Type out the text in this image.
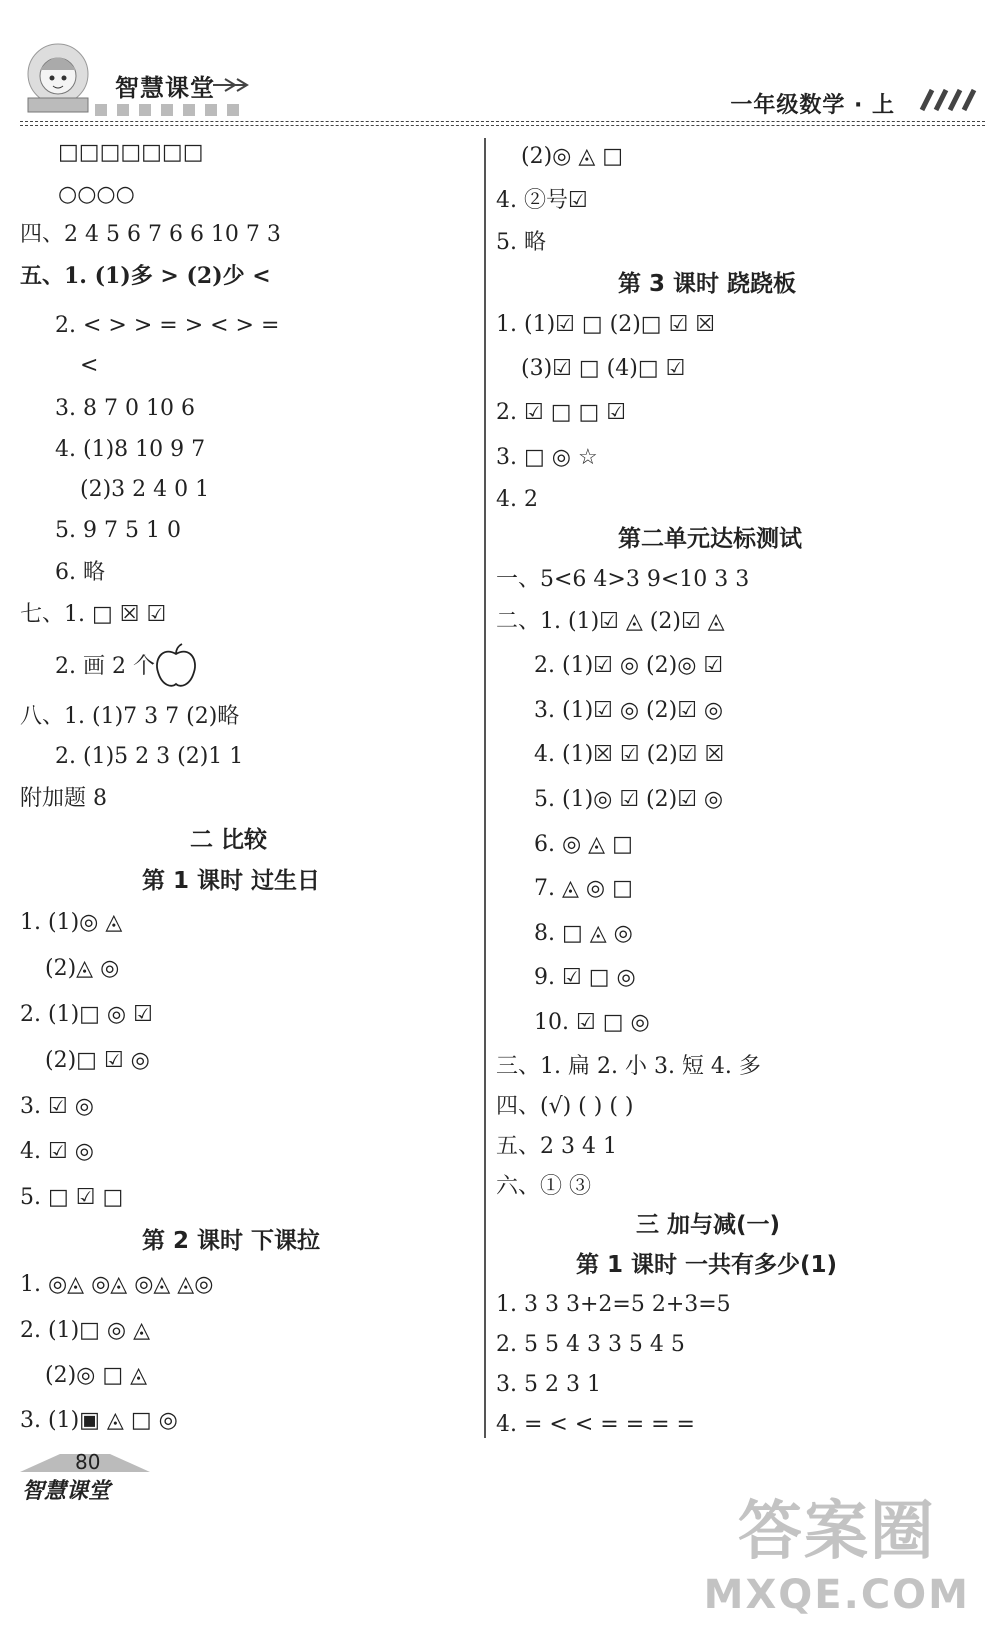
智慧课堂
一年级数学 · 上
□□□□□□□
○○○○
四、2 4 5 6 7 6 6 10 7 3
五、1. (1)多 > (2)少 <
2. < > > = > < > =
<
3. 8 7 0 10 6
4. (1)8 10 9 7
(2)3 2 4 0 1
5. 9 7 5 1 0
6. 略
七、1. □ ☒ ☑
2. 画 2 个
八、1. (1)7 3 7 (2)略
2. (1)5 2 3 (2)1 1
附加题 8
二 比较
第 1 课时 过生日
1. (1)◎ ◬
(2)◬ ◎
2. (1)□ ◎ ☑
(2)□ ☑ ◎
3. ☑ ◎
4. ☑ ◎
5. □ ☑ □
第 2 课时 下课拉
1. ◎◬ ◎◬ ◎◬ ◬◎
2. (1)□ ◎ ◬
(2)◎ □ ◬
3. (1)▣ ◬ □ ◎
(2)◎ ◬ □
4. ②号☑
5. 略
第 3 课时 跷跷板
1. (1)☑ □ (2)□ ☑ ☒
(3)☑ □ (4)□ ☑
2. ☑ □ □ ☑
3. □ ◎ ☆
4. 2
第二单元达标测试
一、5<6 4>3 9<10 3 3
二、1. (1)☑ ◬ (2)☑ ◬
2. (1)☑ ◎ (2)◎ ☑
3. (1)☑ ◎ (2)☑ ◎
4. (1)☒ ☑ (2)☑ ☒
5. (1)◎ ☑ (2)☑ ◎
6. ◎ ◬ □
7. ◬ ◎ □
8. □ ◬ ◎
9. ☑ □ ◎
10. ☑ □ ◎
三、1. 扁 2. 小 3. 短 4. 多
四、(√) ( ) ( )
五、2 3 4 1
六、① ③
三 加与减(一)
第 1 课时 一共有多少(1)
1. 3 3 3+2=5 2+3=5
2. 5 5 4 3 3 5 4 5
3. 5 2 3 1
4. = < < = = = =
80
智慧课堂
答案圈
MXQE.COM
